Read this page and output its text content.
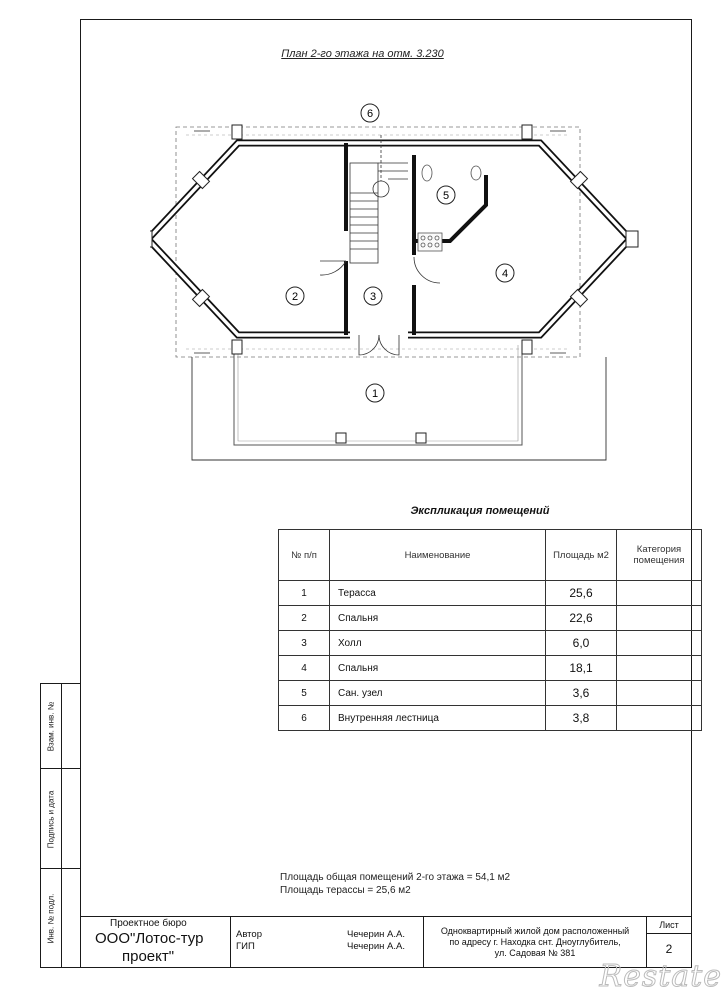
Взам. инв. №
Подпись и дата
Инв. № подл.
План 2-го этажа на отм. 3.230
6
5
2	3
4
1
Экспликация помещений
№ п/п	Наименование	Площадь м2	Категория помещения
1	Терасса	25,6	
2	Спальня	22,6	
3	Холл	6,0	
4	Спальня	18,1	
5	Сан. узел	3,6	
6	Внутренняя лестница	3,8	
Площадь общая помещений 2-го этажа = 54,1 м2
Площадь терассы = 25,6 м2
Проектное бюро
ООО"Лотос-тур
проект"
Автор
ГИП
Чечерин А.А.
Чечерин А.А.
Одноквартирный жилой дом расположенный
по адресу г. Находка снт. Дноуглубитель,
ул. Садовая № 381
Лист
2
Restate
